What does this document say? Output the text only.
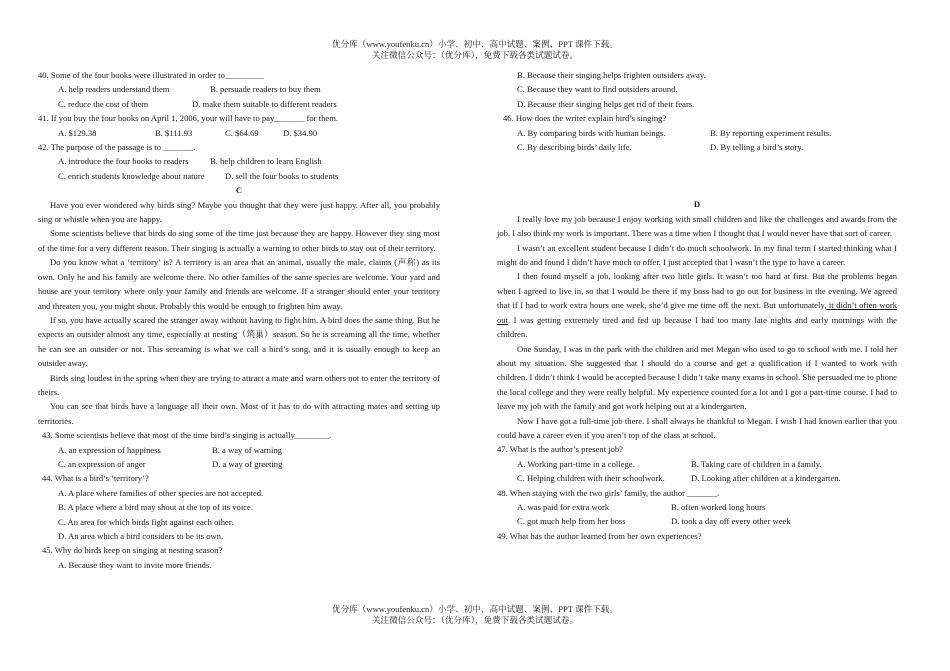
优分库（www.youfenku.cn）小学、初中、高中试题、案例、PPT 课件下载。
关注微信公众号：（优分库），免费下载各类试题试卷。
40. Some of the four books were illustrated in order to_________
A. help readers understand them	B. persuade readers to buy them
C. reduce the cost of them	D. make them suitable to different readers
41. If you buy the four books on April 1, 2006, your will have to pay_______ for them.
A. $129.38	B. $111.93	C. $64.69	D. $34.90
42. The purpose of the passage is to _______.
A. introduce the four books to readers	B. help children to learn English
C. enrich students knowledge about nature	D. sell the four books to students
C
Have you ever wondered why birds sing? Maybe you thought that they were just happy. After all, you probably sing or whistle when you are happy.
Some scientists believe that birds do sing some of the time just because they are happy. However they sing most of the time for a very different reason. Their singing is actually a warning to other birds to stay out of their territory.
Do you know what a ‘territory’ is? A territory is an area that an animal, usually the male, claims (声称) as its own. Only he and his family are welcome there. No other families of the same species are welcome. Your yard and house are your territory where only your family and friends are welcome. If a stranger should enter your territory and threaten you, you might shout. Probably this would be enough to frighten him away.
If so, you have actually scared the stranger away without having to fight him. A bird does the same thing. But he expects an outsider almost any time, especially at nesting（筑巢）season. So he is screaming all the time, whether he can see an outsider or not. This screaming is what we call a bird’s song, and it is usually enough to keep an outsider away.
Birds sing loudest in the spring when they are trying to attract a mate and warn others not to enter the territory of theirs.
You can see that birds have a language all their own. Most of it has to do with attracting mates and setting up territories.
43. Some scientists believe that most of the time bird’s singing is actually________.
A. an expression of happiness	B. a way of warning
C. an expression of anger	D. a way of greeting
44. What is a bird’s ‘territory’?
A. A place where families of other species are not accepted.
B. A place where a bird may shout at the top of its voice.
C. An area for which birds fight against each other.
D. An area which a bird considers to be its own.
45. Why do birds keep on singing at nesting season?
A. Because they want to invite more friends.
B. Because their singing helps frighten outsiders away.
C. Because they want to find outsiders around.
D. Because their singing helps get rid of their fears.
46. How does the writer explain bird’s singing?
A. By comparing birds with human beings.	B. By reporting experiment results.
C. By describing birds’ daily life.	D. By telling a bird’s story.
D
I really love my job because I enjoy working with small children and like the challenges and awards from the job. I also think my work is important. There was a time when I thought that I would never have that sort of career.
I wasn’t an excellent student because I didn’t do much schoolwork. In my final term I started thinking what I might do and found I didn’t have much to offer. I just accepted that I wasn’t the type to have a career.
I then found myself a job, looking after two little girls. It wasn’t too hard at first. But the problems began when I agreed to live in, so that I would be there if my boss had to go out for business in the evening. We agreed that if I had to work extra hours one week, she’d give me time off the next. But unfortunately, it didn’t often work out. I was getting extremely tired and fed up because I had too many late nights and early mornings with the children.
One Sunday, I was in the park with the children and met Megan who used to go to school with me. I told her about my situation. She suggested that I should do a course and get a qualification if I wanted to work with children. I didn’t think I would be accepted because I didn’t take many exams in school. She persuaded me to phone the local college and they were really helpful. My experience counted for a lot and I got a part-time course. I had to leave my job with the family and got work helping out at a kindergarten.
Now I have got a full-time job there. I shall always be thankful to Megan. I wish I had known earlier that you could have a career even if you aren’t top of the class at school.
47. What is the author’s present job?
A. Working part-time in a college.	B. Taking care of children in a family.
C. Helping children with their schoolwork.	D. Looking after children at a kindergarten.
48. When staying with the two girls’ family, the author _______.
A. was paid for extra work	B. often worked long hours
C. got much help from her boss	D. took a day off every other week
49. What has the author learned from her own experiences?
优分库（www.youfenku.cn）小学、初中、高中试题、案例、PPT 课件下载。
关注微信公众号：（优分库），免费下载各类试题试卷。
